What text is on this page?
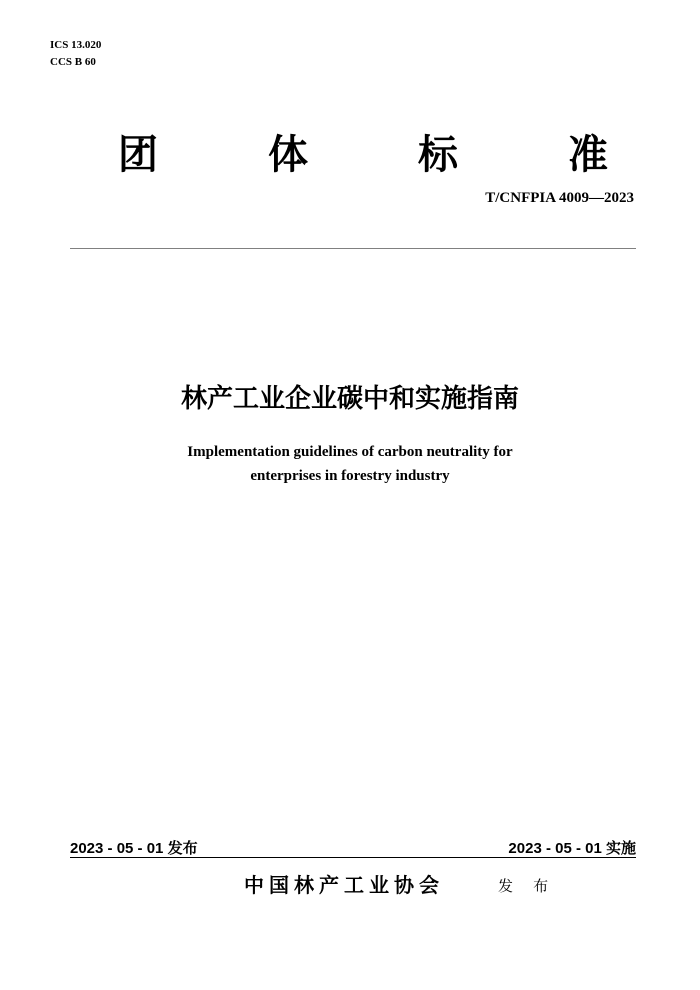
ICS 13.020
CCS B 60
团	体	标	准
T/CNFPIA 4009—2023
林产工业企业碳中和实施指南
Implementation guidelines of carbon neutrality for
enterprises in forestry industry
2023 - 05 - 01 发布	2023 - 05 - 01 实施
中国林产工业协会	发 布
